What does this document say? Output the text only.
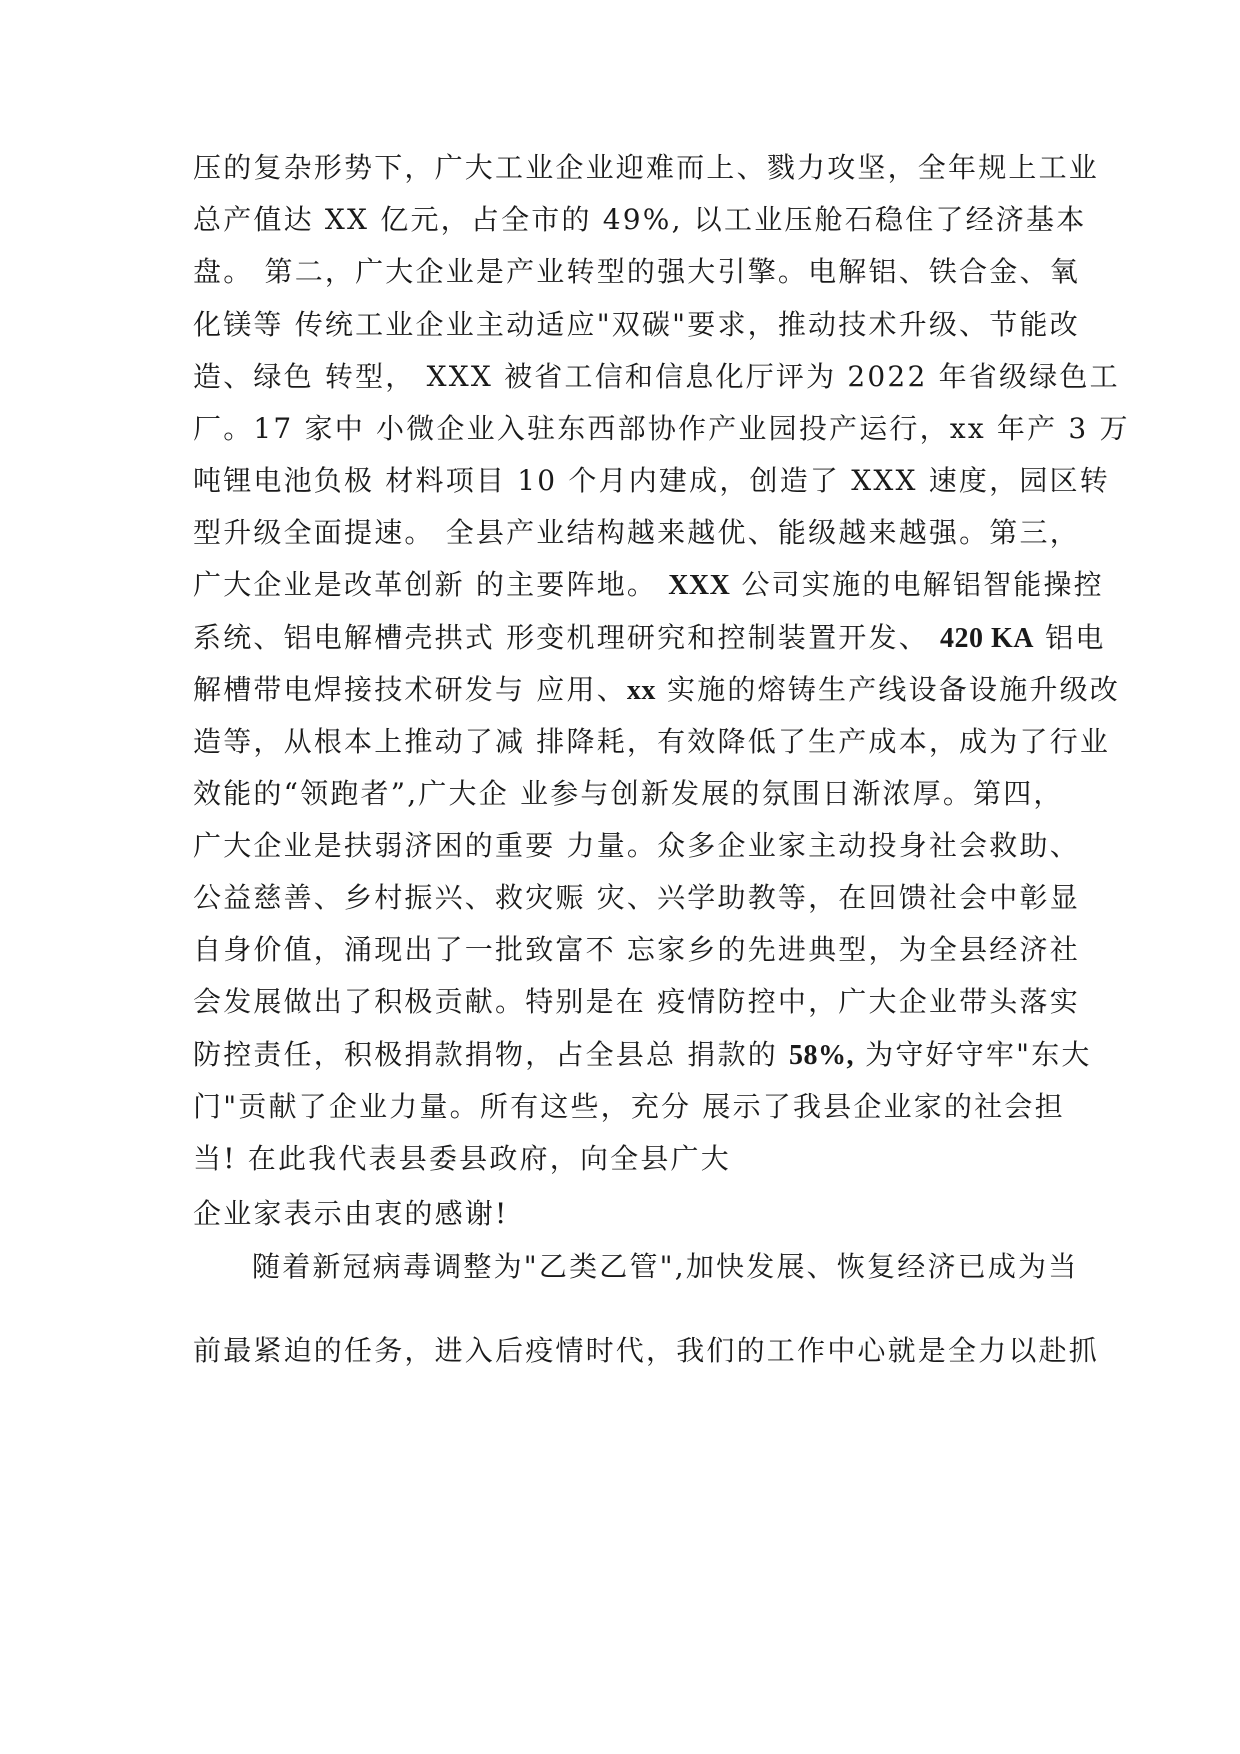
压的复杂形势下，广大工业企业迎难而上、戮力攻坚，全年规上工业
总产值达 XX 亿元，占全市的 49%, 以工业压舱石稳住了经济基本
盘。 第二，广大企业是产业转型的强大引擎。电解铝、铁合金、氧
化镁等 传统工业企业主动适应"双碳"要求，推动技术升级、节能改
造、绿色 转型， XXX 被省工信和信息化厅评为 2022 年省级绿色工
厂。17 家中 小微企业入驻东西部协作产业园投产运行，xx 年产 3 万
吨锂电池负极 材料项目 10 个月内建成，创造了 XXX 速度，园区转
型升级全面提速。 全县产业结构越来越优、能级越来越强。第三，
广大企业是改革创新 的主要阵地。 XXX 公司实施的电解铝智能操控
系统、铝电解槽壳拱式 形变机理研究和控制装置开发、 420 KA 铝电
解槽带电焊接技术研发与 应用、xx 实施的熔铸生产线设备设施升级改
造等，从根本上推动了减 排降耗，有效降低了生产成本，成为了行业
效能的“领跑者”,广大企 业参与创新发展的氛围日渐浓厚。第四，
广大企业是扶弱济困的重要 力量。众多企业家主动投身社会救助、
公益慈善、乡村振兴、救灾赈 灾、兴学助教等，在回馈社会中彰显
自身价值，涌现出了一批致富不 忘家乡的先进典型，为全县经济社
会发展做出了积极贡献。特别是在 疫情防控中，广大企业带头落实
防控责任，积极捐款捐物，占全县总 捐款的 58%, 为守好守牢"东大
门"贡献了企业力量。所有这些，充分 展示了我县企业家的社会担
当! 在此我代表县委县政府，向全县广大
企业家表示由衷的感谢!
随着新冠病毒调整为"乙类乙管",加快发展、恢复经济已成为当
前最紧迫的任务，进入后疫情时代，我们的工作中心就是全力以赴抓
